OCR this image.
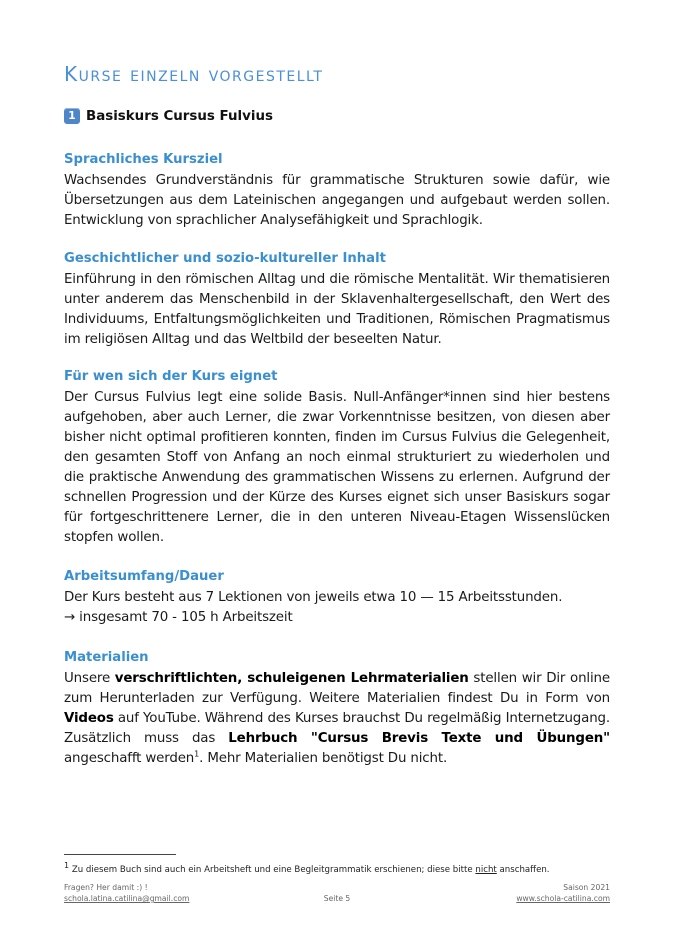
Kurse einzeln vorgestellt
1 Basiskurs Cursus Fulvius
Sprachliches Kursziel

Wachsendes Grundverständnis für grammatische Strukturen sowie dafür, wie Übersetzungen aus dem Lateinischen angegangen und aufgebaut werden sollen. Entwicklung von sprachlicher Analysefähigkeit und Sprachlogik.

Geschichtlicher und sozio-kultureller Inhalt

Einführung in den römischen Alltag und die römische Mentalität. Wir thematisieren unter anderem das Menschenbild in der Sklavenhaltergesellschaft, den Wert des Individuums, Entfaltungsmöglichkeiten und Traditionen, Römischen Pragmatismus im religiösen Alltag und das Weltbild der beseelten Natur.

Für wen sich der Kurs eignet

Der Cursus Fulvius legt eine solide Basis. Null-Anfänger*innen sind hier bestens aufgehoben, aber auch Lerner, die zwar Vorkenntnisse besitzen, von diesen aber bisher nicht optimal profitieren konnten, finden im Cursus Fulvius die Gelegenheit, den gesamten Stoff von Anfang an noch einmal strukturiert zu wiederholen und die praktische Anwendung des grammatischen Wissens zu erlernen. Aufgrund der schnellen Progression und der Kürze des Kurses eignet sich unser Basiskurs sogar für fortgeschrittenere Lerner, die in den unteren Niveau-Etagen Wissenslücken stopfen wollen.

Arbeitsumfang/Dauer

Der Kurs besteht aus 7 Lektionen von jeweils etwa 10 — 15 Arbeitsstunden.

→ insgesamt 70 - 105 h Arbeitszeit

Materialien

Unsere verschriftlichten, schuleigenen Lehrmaterialien stellen wir Dir online zum Herunterladen zur Verfügung. Weitere Materialien findest Du in Form von Videos auf YouTube. Während des Kurses brauchst Du regelmäßig Internetzugang. Zusätzlich muss das Lehrbuch "Cursus Brevis Texte und Übungen" angeschafft werden$^1$. Mehr Materialien benötigst Du nicht.

$^1$ Zu diesem Buch sind auch ein Arbeitsheft und eine Begleitgrammatik erschienen; diese bitte nicht anschaffen.
Fragen? Her damit :) !
schola.latina.catilina@gmail.com	Seite 5
Saison 2021
www.schola-catilina.com
